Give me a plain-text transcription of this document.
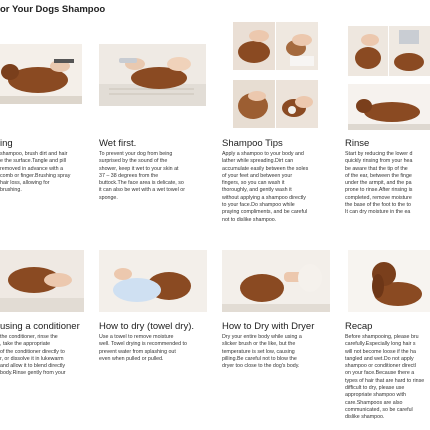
or Your Dogs Shampoo
ing
shampoo, brush dirt and hair
e the surface.Tangle and pill
removed in advance with a
comb or finger.Brushing spray
hair loss, allowing for
brushing.
Wet first.
To prevent your dog from being
surprised by the sound of the
shower, keep it wet to your skin at
37 – 38 degrees from the
buttock.The face area is delicate, so
it can also be wet with a wet towel or
sponge.
Shampoo Tips
Apply a shampoo to your body and
lather while spreading.Dirt can
accumulate easily between the soles
of your feet and between your
fingers, so you can wash it
thoroughly, and gently wash it
without applying a shampoo directly
to your face.Do shampoo while
praying compliments, and be careful
not to dislike shampoo.
Rinse
Start by reducing the lower d
quickly rinsing from your hea
be aware that the tip of the
of the ear, between the finge
under the armpit, and the pa
prone to rinse.After rinsing is
completed, remove moisture
the base of the foot to the to
It can dry moisture in the ea
using a conditioner
the conditioner, rinse the
, take the appropriate
of the conditioner directly to
r, or dissolve it in lukewarm
and allow it to blend directly
body.Rinse gently from your
How to dry (towel dry).
Use a towel to remove moisture
well. Towel drying is recommended to
prevent water from splashing out
even when pulled or pulled.
How to Dry with Dryer
Dry your entire body while using a
slicker brush or the like, but the
temperature is set low, causing
pilling.Be careful not to blow the
dryer too close to the dog's body.
Recap
Before shampooing, please bru
carefully.Especially long hair s
will not become loose if the ha
tangled and wet.Do not apply
shampoo or conditioner directl
on your face.Because there a
types of hair that are hard to rinse
difficult to dry, please use
appropriate shampoo with
care.Shampoos are also
communicated, so be careful
dislike shampoo.
